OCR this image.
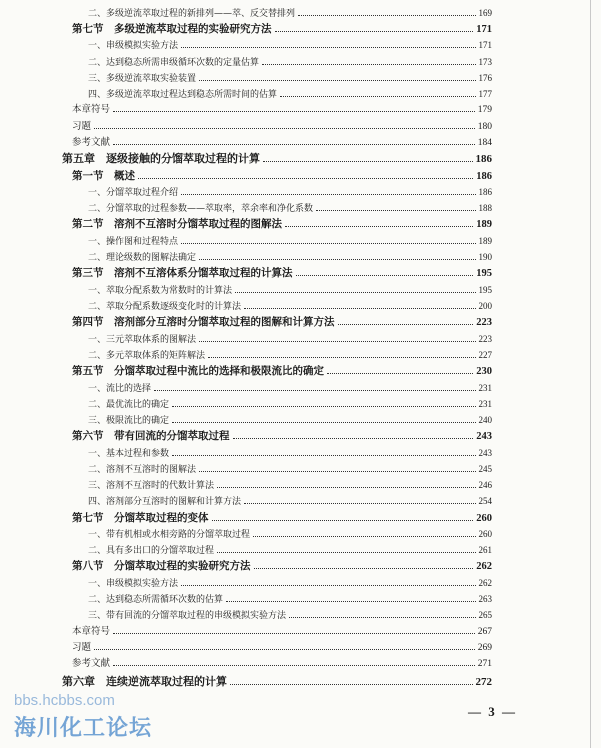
二、多级逆流萃取过程的新排列——萃、反交替排列	169
第七节　多级逆流萃取过程的实验研究方法	171
一、串级模拟实验方法	171
二、达到稳态所需串级循环次数的定量估算	173
三、多级逆流萃取实验装置	176
四、多级逆流萃取过程达到稳态所需时间的估算	177
本章符号	179
习题	180
参考文献	184
第五章　逐级接触的分馏萃取过程的计算	186
第一节　概述	186
一、分馏萃取过程介绍	186
二、分馏萃取的过程参数——萃取率，萃余率和净化系数	188
第二节　溶剂不互溶时分馏萃取过程的图解法	189
一、操作图和过程特点	189
二、理论级数的图解法确定	190
第三节　溶剂不互溶体系分馏萃取过程的计算法	195
一、萃取分配系数为常数时的计算法	195
二、萃取分配系数逐级变化时的计算法	200
第四节　溶剂部分互溶时分馏萃取过程的图解和计算方法	223
一、三元萃取体系的图解法	223
二、多元萃取体系的矩阵解法	227
第五节　分馏萃取过程中流比的选择和极限流比的确定	230
一、流比的选择	231
二、最优流比的确定	231
三、极限流比的确定	240
第六节　带有回流的分馏萃取过程	243
一、基本过程和参数	243
二、溶剂不互溶时的图解法	245
三、溶剂不互溶时的代数计算法	246
四、溶剂部分互溶时的图解和计算方法	254
第七节　分馏萃取过程的变体	260
一、带有机相或水相旁路的分馏萃取过程	260
二、具有多出口的分馏萃取过程	261
第八节　分馏萃取过程的实验研究方法	262
一、串级模拟实验方法	262
二、达到稳态所需循环次数的估算	263
三、带有回流的分馏萃取过程的串级模拟实验方法	265
本章符号	267
习题	269
参考文献	271
第六章　连续逆流萃取过程的计算	272
— 3 —
bbs.hcbbs.com
海川化工论坛
